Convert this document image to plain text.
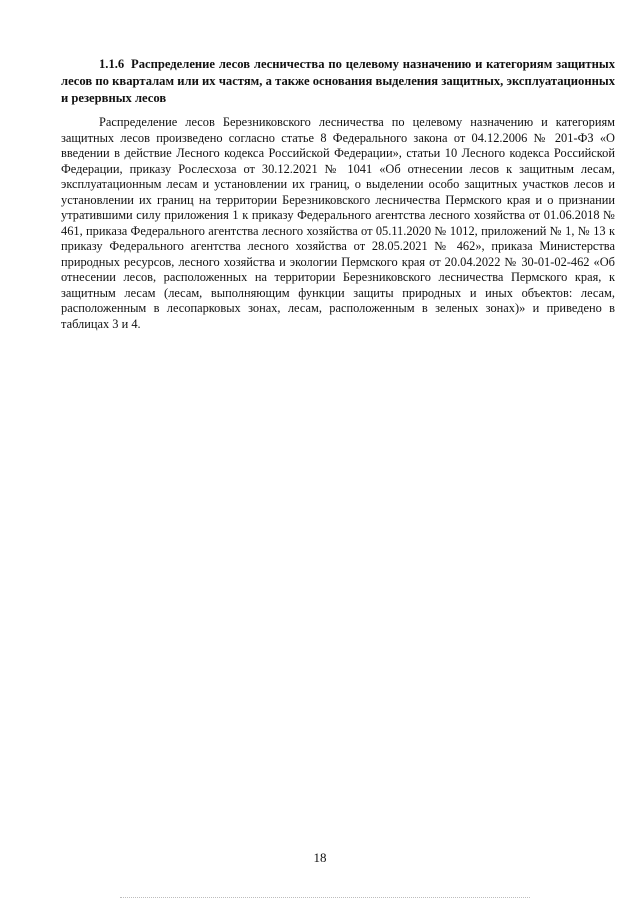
1.1.6 Распределение лесов лесничества по целевому назначению и категориям защитных лесов по кварталам или их частям, а также основания выделения защитных, эксплуатационных и резервных лесов

Распределение лесов Березниковского лесничества по целевому назначению и категориям защитных лесов произведено согласно статье 8 Федерального закона от 04.12.2006 № 201-ФЗ «О введении в действие Лесного кодекса Российской Федерации», статьи 10 Лесного кодекса Российской Федерации, приказу Рослесхоза от 30.12.2021 № 1041 «Об отнесении лесов к защитным лесам, эксплуатационным лесам и установлении их границ, о выделении особо защитных участков лесов и установлении их границ на территории Березниковского лесничества Пермского края и о признании утратившими силу приложения 1 к приказу Федерального агентства лесного хозяйства от 01.06.2018 № 461, приказа Федерального агентства лесного хозяйства от 05.11.2020 № 1012, приложений № 1, № 13 к приказу Федерального агентства лесного хозяйства от 28.05.2021 № 462», приказа Министерства природных ресурсов, лесного хозяйства и экологии Пермского края от 20.04.2022 № 30-01-02-462 «Об отнесении лесов, расположенных на территории Березниковского лесничества Пермского края, к защитным лесам (лесам, выполняющим функции защиты природных и иных объектов: лесам, расположенным в лесопарковых зонах, лесам, расположенным в зеленых зонах)» и приведено в таблицах 3 и 4.

18
